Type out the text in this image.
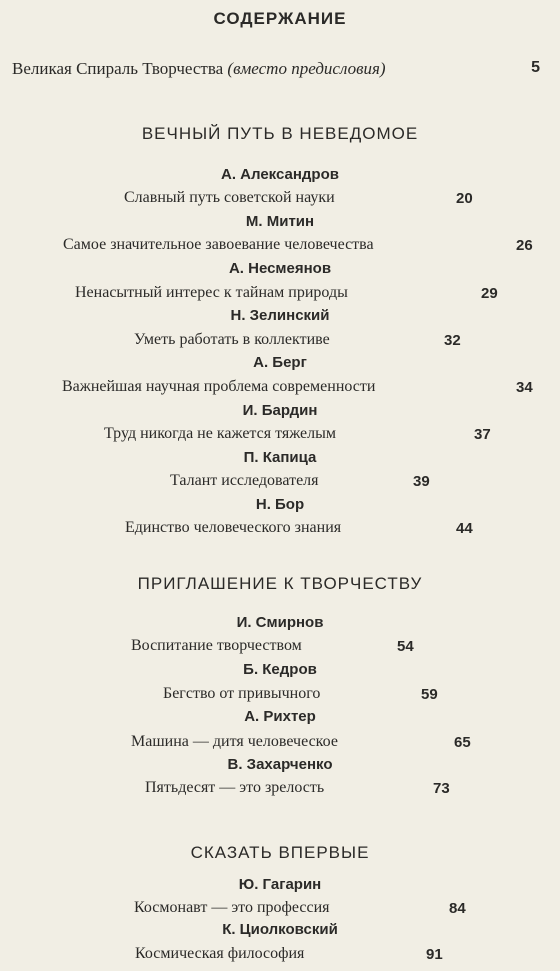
СОДЕРЖАНИЕ
Великая Спираль Творчества (вместо предисловия)	5
ВЕЧНЫЙ ПУТЬ В НЕВЕДОМОЕ
А. Александров
Славный путь советской науки	20
М. Митин
Самое значительное завоевание человечества	26
А. Несмеянов
Ненасытный интерес к тайнам природы	29
Н. Зелинский
Уметь работать в коллективе	32
А. Берг
Важнейшая научная проблема современности	34
И. Бардин
Труд никогда не кажется тяжелым	37
П. Капица
Талант исследователя	39
Н. Бор
Единство человеческого знания	44
ПРИГЛАШЕНИЕ К ТВОРЧЕСТВУ
И. Смирнов
Воспитание творчеством	54
Б. Кедров
Бегство от привычного	59
А. Рихтер
Машина — дитя человеческое	65
В. Захарченко
Пятьдесят — это зрелость	73
СКАЗАТЬ ВПЕРВЫЕ
Ю. Гагарин
Космонавт — это профессия	84
К. Циолковский
Космическая философия	91
